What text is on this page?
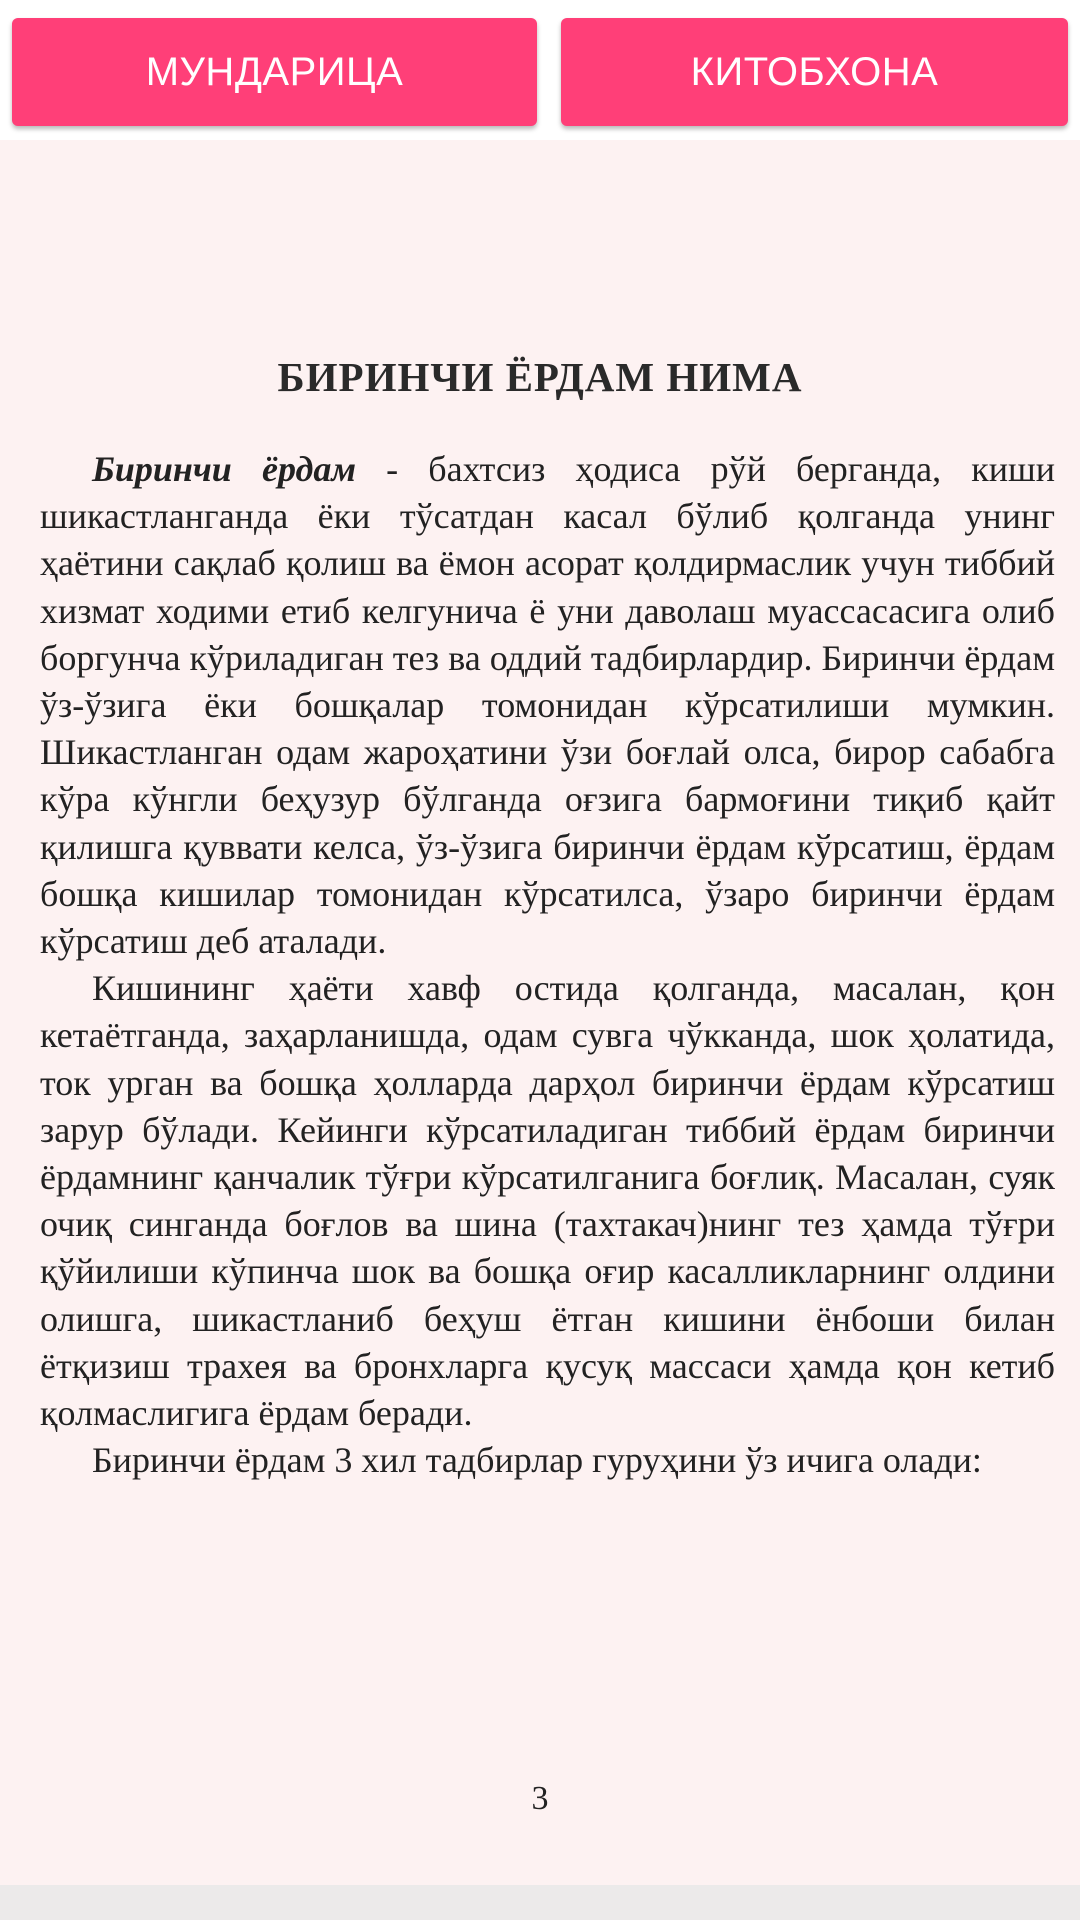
МУНДАРИЦА	КИТОБХОНА
БИРИНЧИ ЁРДАМ НИМА

Биринчи ёрдам - бахтсиз ҳодиса рўй берганда, киши шикастланганда ёки тўсатдан касал бўлиб қолганда унинг ҳаётини сақлаб қолиш ва ёмон асорат қолдирмаслик учун тиббий хизмат ходими етиб келгунича ё уни даволаш муассасасига олиб боргунча кўриладиган тез ва оддий тадбирлардир. Биринчи ёрдам ўз-ўзига ёки бошқалар томонидан кўрсатилиши мумкин. Шикастланган одам жароҳатини ўзи боғлай олса, бирор сабабга кўра кўнгли беҳузур бўлганда оғзига бармоғини тиқиб қайт қилишга қуввати келса, ўз-ўзига биринчи ёрдам кўрсатиш, ёрдам бошқа кишилар томонидан кўрсатилса, ўзаро биринчи ёрдам кўрсатиш деб аталади.

Кишининг ҳаёти хавф остида қолганда, масалан, қон кетаётганда, заҳарланишда, одам сувга чўкканда, шок ҳолатида, ток урган ва бошқа ҳолларда дарҳол биринчи ёрдам кўрсатиш зарур бўлади. Кейинги кўрсатиладиган тиббий ёрдам биринчи ёрдамнинг қанчалик тўғри кўрсатилганига боғлиқ. Масалан, суяк очиқ синганда боғлов ва шина (тахтакач)нинг тез ҳамда тўғри қўйилиши кўпинча шок ва бошқа оғир касалликларнинг олдини олишга, шикастланиб беҳуш ётган кишини ёнбоши билан ётқизиш трахея ва бронхларга қусуқ массаси ҳамда қон кетиб қолмаслигига ёрдам беради.

Биринчи ёрдам 3 хил тадбирлар гуруҳини ўз ичига олади:

3
